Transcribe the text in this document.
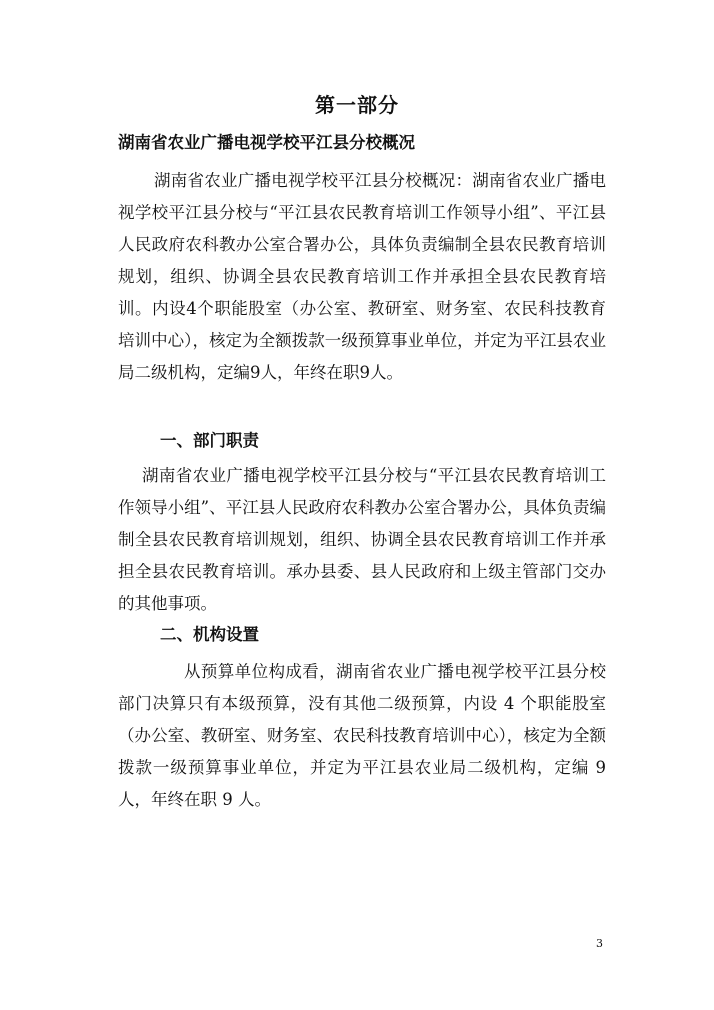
第一部分
湖南省农业广播电视学校平江县分校概况
湖南省农业广播电视学校平江县分校概况：湖南省农业广播电视学校平江县分校与“平江县农民教育培训工作领导小组”、平江县人民政府农科教办公室合署办公，具体负责编制全县农民教育培训规划，组织、协调全县农民教育培训工作并承担全县农民教育培训。内设4个职能股室（办公室、教研室、财务室、农民科技教育培训中心），核定为全额拨款一级预算事业单位，并定为平江县农业局二级机构，定编9人，年终在职9人。
一、部门职责
湖南省农业广播电视学校平江县分校与“平江县农民教育培训工作领导小组”、平江县人民政府农科教办公室合署办公，具体负责编制全县农民教育培训规划，组织、协调全县农民教育培训工作并承担全县农民教育培训。承办县委、县人民政府和上级主管部门交办的其他事项。
二、机构设置
从预算单位构成看，湖南省农业广播电视学校平江县分校部门决算只有本级预算，没有其他二级预算，内设 4 个职能股室（办公室、教研室、财务室、农民科技教育培训中心），核定为全额拨款一级预算事业单位，并定为平江县农业局二级机构，定编 9 人，年终在职 9 人。
3
